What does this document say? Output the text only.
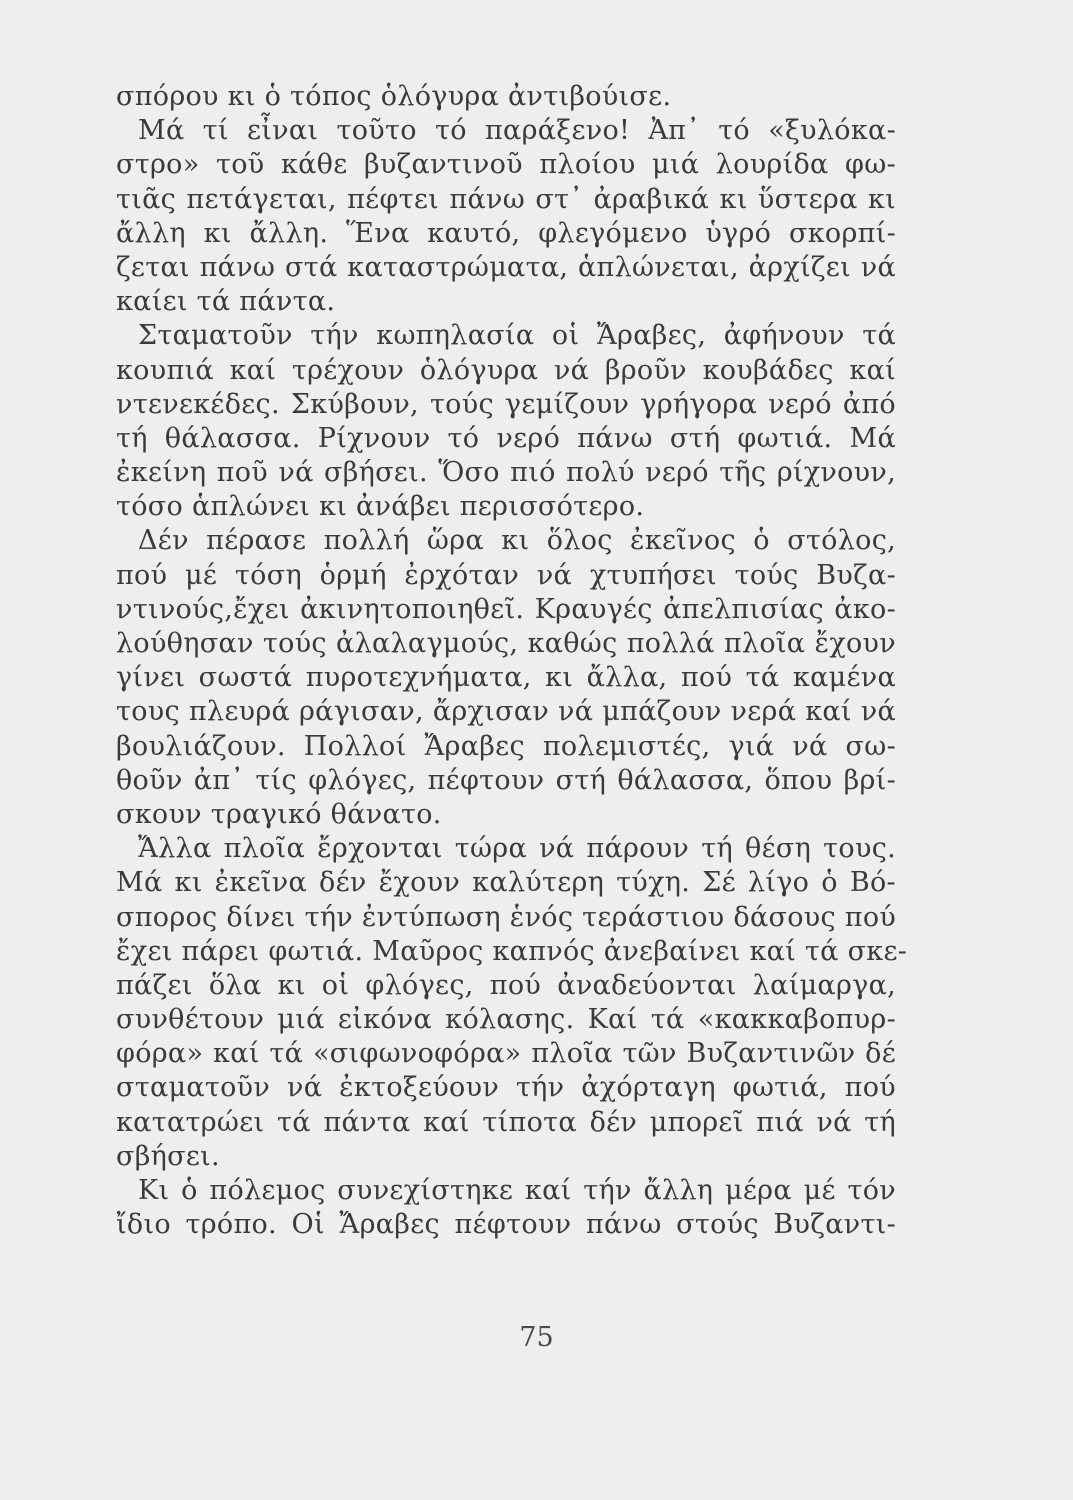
σπόρου κι ὁ τόπος ὁλόγυρα ἀντιβούισε.
Μά τί εἶναι τοῦτο τό παράξενο! Ἀπ᾿ τό «ξυλόκα-
στρο» τοῦ κάθε βυζαντινοῦ πλοίου μιά λουρίδα φω-
τιᾶς πετάγεται, πέφτει πάνω στ᾿ ἀραβικά κι ὕστερα κι
ἄλλη κι ἄλλη. Ἕνα καυτό, φλεγόμενο ὑγρό σκορπί-
ζεται πάνω στά καταστρώματα, ἁπλώνεται, ἀρχίζει νά
καίει τά πάντα.
Σταματοῦν τήν κωπηλασία οἱ Ἄραβες, ἀφήνουν τά
κουπιά καί τρέχουν ὁλόγυρα νά βροῦν κουβάδες καί
ντενεκέδες. Σκύβουν, τούς γεμίζουν γρήγορα νερό ἀπό
τή θάλασσα. Ρίχνουν τό νερό πάνω στή φωτιά. Μά
ἐκείνη ποῦ νά σβήσει. Ὅσο πιό πολύ νερό τῆς ρίχνουν,
τόσο ἁπλώνει κι ἀνάβει περισσότερο.
Δέν πέρασε πολλή ὥρα κι ὅλος ἐκεῖνος ὁ στόλος,
πού μέ τόση ὁρμή ἐρχόταν νά χτυπήσει τούς Βυζα-
ντινούς,ἔχει ἀκινητοποιηθεῖ. Κραυγές ἀπελπισίας ἀκο-
λούθησαν τούς ἀλαλαγμούς, καθώς πολλά πλοῖα ἔχουν
γίνει σωστά πυροτεχνήματα, κι ἄλλα, πού τά καμένα
τους πλευρά ράγισαν, ἄρχισαν νά μπάζουν νερά καί νά
βουλιάζουν. Πολλοί Ἄραβες πολεμιστές, γιά νά σω-
θοῦν ἀπ᾿ τίς φλόγες, πέφτουν στή θάλασσα, ὅπου βρί-
σκουν τραγικό θάνατο.
Ἄλλα πλοῖα ἔρχονται τώρα νά πάρουν τή θέση τους.
Μά κι ἐκεῖνα δέν ἔχουν καλύτερη τύχη. Σέ λίγο ὁ Βό-
σπορος δίνει τήν ἐντύπωση ἑνός τεράστιου δάσους πού
ἔχει πάρει φωτιά. Μαῦρος καπνός ἀνεβαίνει καί τά σκε-
πάζει ὅλα κι οἱ φλόγες, πού ἀναδεύονται λαίμαργα,
συνθέτουν μιά εἰκόνα κόλασης. Καί τά «κακκαβοπυρ-
φόρα» καί τά «σιφωνοφόρα» πλοῖα τῶν Βυζαντινῶν δέ
σταματοῦν νά ἐκτοξεύουν τήν ἀχόρταγη φωτιά, πού
κατατρώει τά πάντα καί τίποτα δέν μπορεῖ πιά νά τή
σβήσει.
Κι ὁ πόλεμος συνεχίστηκε καί τήν ἄλλη μέρα μέ τόν
ἴδιο τρόπο. Οἱ Ἄραβες πέφτουν πάνω στούς Βυζαντι-
75
